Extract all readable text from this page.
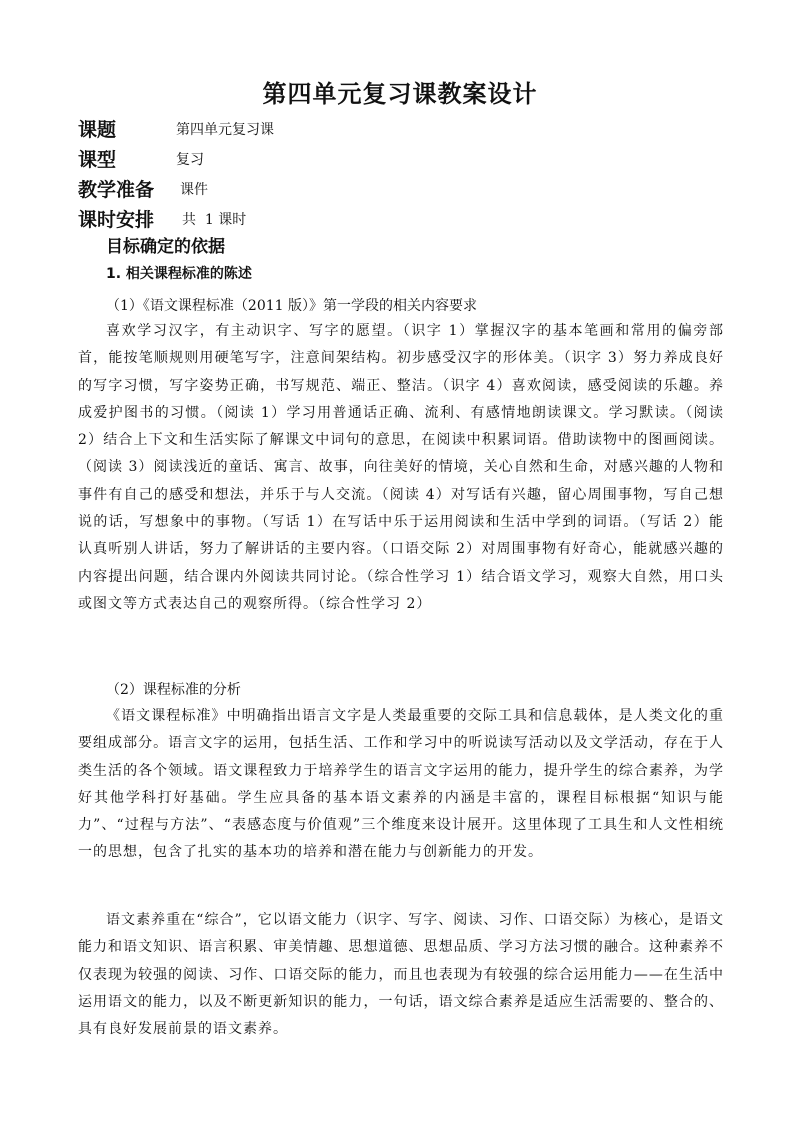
第四单元复习课教案设计
课题	第四单元复习课
课型	复习
教学准备 课件
课时安排 共  1 课时
目标确定的依据
1. 相关课程标准的陈述
（1）《语文课程标准（2011 版）》第一学段的相关内容要求

喜欢学习汉字，有主动识字、写字的愿望。（识字 1）掌握汉字的基本笔画和常用的偏旁部首，能按笔顺规则用硬笔写字，注意间架结构。初步感受汉字的形体美。（识字 3）努力养成良好的写字习惯，写字姿势正确，书写规范、端正、整洁。（识字 4）喜欢阅读，感受阅读的乐趣。养成爱护图书的习惯。（阅读 1）学习用普通话正确、流利、有感情地朗读课文。学习默读。（阅读 2）结合上下文和生活实际了解课文中词句的意思，在阅读中积累词语。借助读物中的图画阅读。（阅读 3）阅读浅近的童话、寓言、故事，向往美好的情境，关心自然和生命，对感兴趣的人物和事件有自己的感受和想法，并乐于与人交流。（阅读 4）对写话有兴趣，留心周围事物，写自己想说的话，写想象中的事物。（写话 1）在写话中乐于运用阅读和生活中学到的词语。（写话 2）能认真听别人讲话，努力了解讲话的主要内容。（口语交际 2）对周围事物有好奇心，能就感兴趣的内容提出问题，结合课内外阅读共同讨论。（综合性学习 1）结合语文学习，观察大自然，用口头或图文等方式表达自己的观察所得。（综合性学习 2）

（2）课程标准的分析

《语文课程标准》中明确指出语言文字是人类最重要的交际工具和信息载体，是人类文化的重要组成部分。语言文字的运用，包括生活、工作和学习中的听说读写活动以及文学活动，存在于人类生活的各个领域。语文课程致力于培养学生的语言文字运用的能力，提升学生的综合素养，为学好其他学科打好基础。学生应具备的基本语文素养的内涵是丰富的，课程目标根据“知识与能力”、“过程与方法”、“表感态度与价值观”三个维度来设计展开。这里体现了工具生和人文性相统一的思想，包含了扎实的基本功的培养和潜在能力与创新能力的开发。

语文素养重在“综合”，它以语文能力（识字、写字、阅读、习作、口语交际）为核心，是语文能力和语文知识、语言积累、审美情趣、思想道德、思想品质、学习方法习惯的融合。这种素养不仅表现为较强的阅读、习作、口语交际的能力，而且也表现为有较强的综合运用能力——在生活中运用语文的能力，以及不断更新知识的能力，一句话，语文综合素养是适应生活需要的、整合的、具有良好发展前景的语文素养。
